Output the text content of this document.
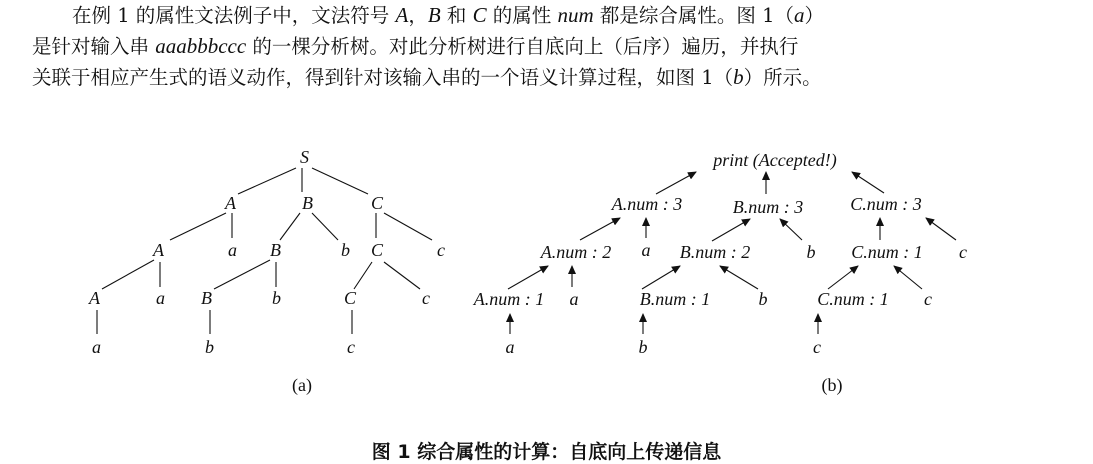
在例 1 的属性文法例子中，文法符号 A，B 和 C 的属性 num 都是综合属性。图 1（a）
是针对输入串 aaabbbccc 的一棵分析树。对此分析树进行自底向上（后序）遍历，并执行
关联于相应产生式的语义动作，得到针对该输入串的一个语义计算过程，如图 1（b）所示。
S
A	B	C
A	a B	b C	c
A	a B	b	C	c
a	b	c
(a)
print (Accepted!)
A.num : 3	B.num : 3	C.num : 3
A.num : 2 a B.num : 2	b C.num : 1 c
A.num : 1 a	B.num : 1	b	C.num : 1 c
a	b	c
(b)
图 1 综合属性的计算：自底向上传递信息
